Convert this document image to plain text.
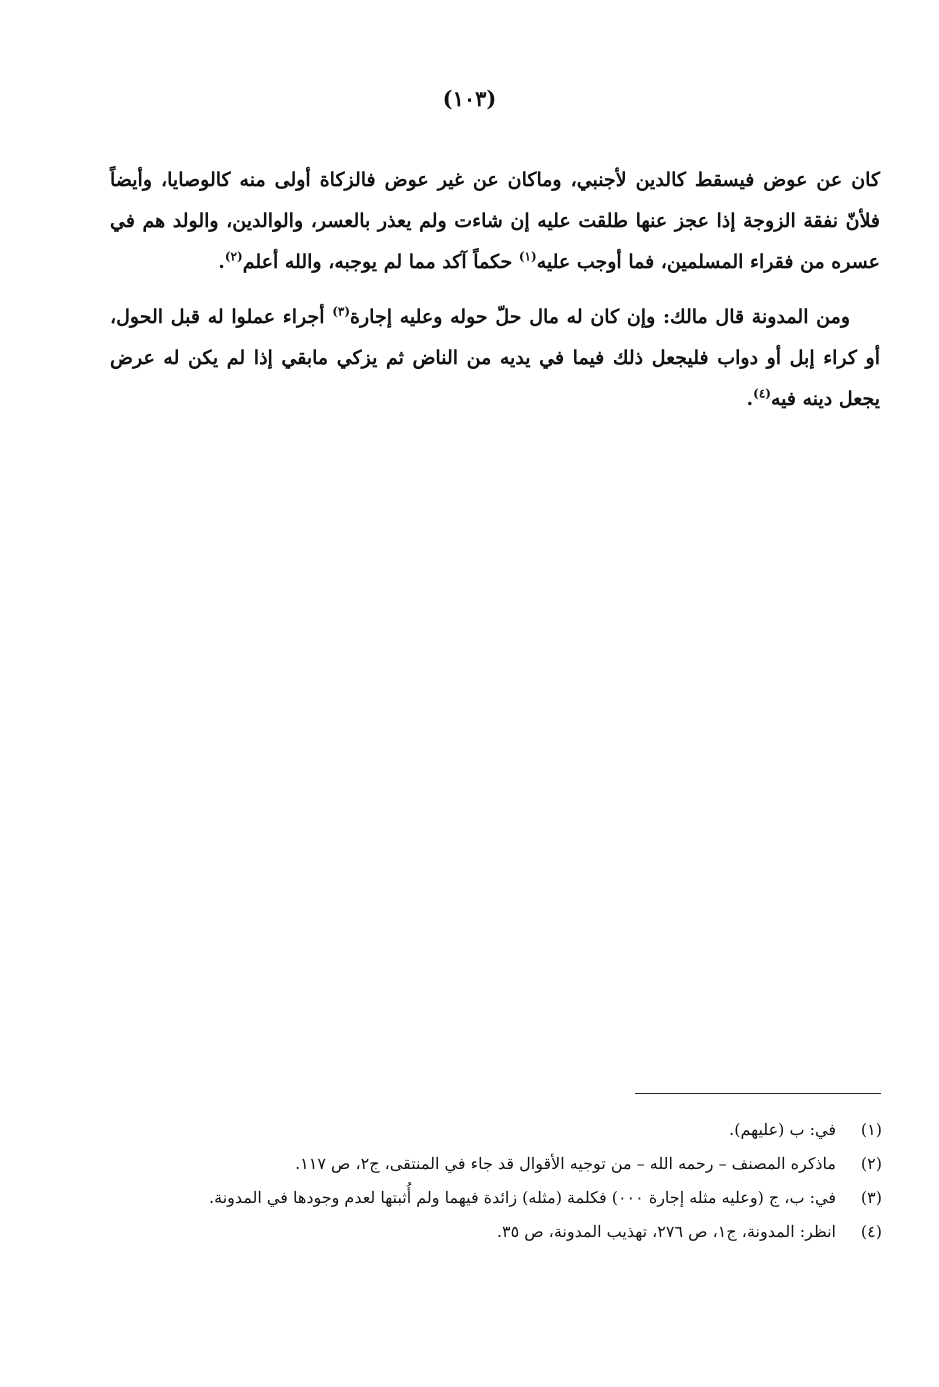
(١٠٣)

كان عن عوض فيسقط كالدين لأجنبي، وماكان عن غير عوض فالزكاة أولى منه كالوصايا، وأيضاً فلأنّ نفقة الزوجة إذا عجز عنها طلقت عليه إن شاءت ولم يعذر بالعسر، والوالدين، والولد هم في عسره من فقراء المسلمين، فما أوجب عليه$^{(١)}$ حكماً آكد مما لم يوجبه، والله أعلم$^{(٢)}$.

ومن المدونة قال مالك: وإن كان له مال حلّ حوله وعليه إجارة$^{(٣)}$ أجراء عملوا له قبل الحول، أو كراء إبل أو دواب فليجعل ذلك فيما في يديه من الناض ثم يزكي مابقي إذا لم يكن له عرض يجعل دينه فيه$^{(٤)}$.

(١)
في: ب (عليهم).
(٢)
ماذكره المصنف – رحمه الله – من توجيه الأقوال قد جاء في المنتقى، ج٢، ص ١١٧.
(٣)
في: ب، ج (وعليه مثله إجارة ٠٠٠) فكلمة (مثله) زائدة فيهما ولم أُثبتها لعدم وجودها في المدونة.
(٤)
انظر: المدونة، ج١، ص ٢٧٦، تهذيب المدونة، ص ٣٥.
